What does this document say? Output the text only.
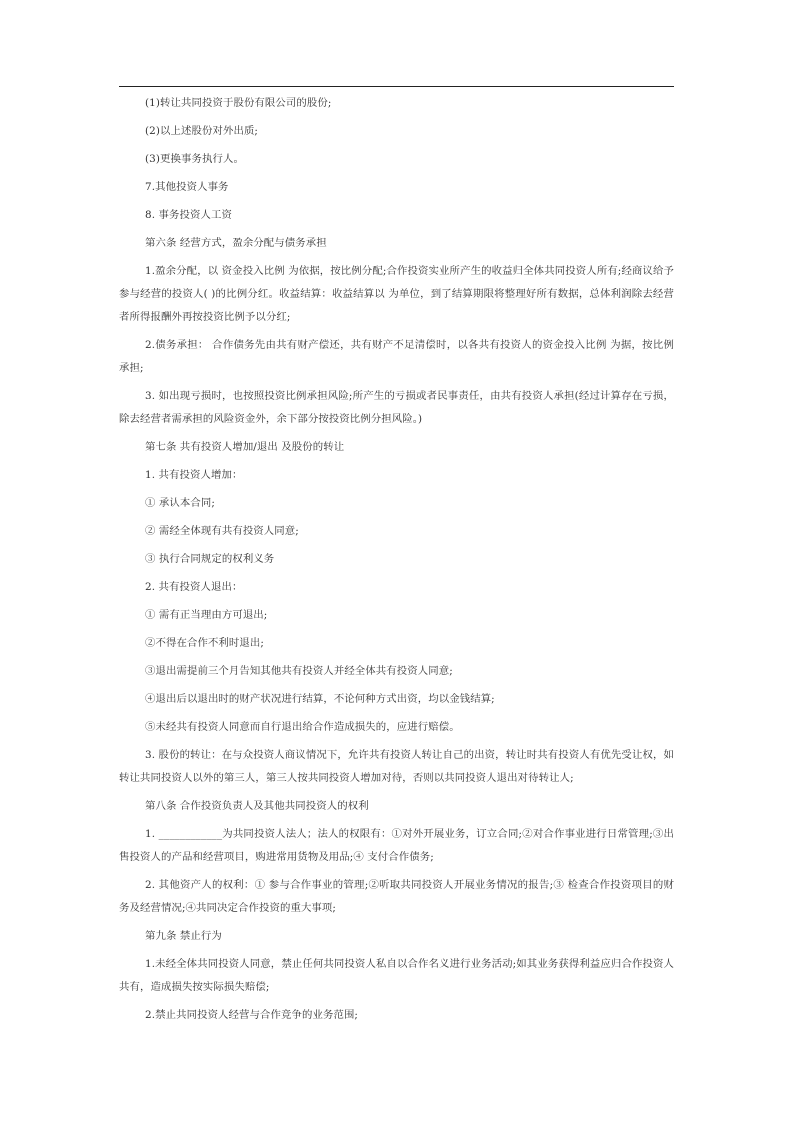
(1)转让共同投资于股份有限公司的股份;

(2)以上述股份对外出质;

(3)更换事务执行人。

7.其他投资人事务

8. 事务投资人工资

第六条 经营方式，盈余分配与债务承担

1.盈余分配，以 资金投入比例 为依据，按比例分配;合作投资实业所产生的收益归全体共同投资人所有;经商议给予参与经营的投资人( )的比例分红。收益结算：收益结算以 为单位，到了结算期限将整理好所有数据，总体利润除去经营者所得报酬外再按投资比例予以分红;

2.债务承担： 合作债务先由共有财产偿还，共有财产不足清偿时，以各共有投资人的资金投入比例 为据，按比例承担;

3. 如出现亏损时，也按照投资比例承担风险;所产生的亏损或者民事责任，由共有投资人承担(经过计算存在亏损，除去经营者需承担的风险资金外，余下部分按投资比例分担风险。)

第七条 共有投资人增加/退出 及股份的转让

1. 共有投资人增加：

① 承认本合同;

② 需经全体现有共有投资人同意;

③ 执行合同规定的权利义务

2. 共有投资人退出：

① 需有正当理由方可退出;

②不得在合作不利时退出;

③退出需提前三个月告知其他共有投资人并经全体共有投资人同意;

④退出后以退出时的财产状况进行结算，不论何种方式出资，均以金钱结算;

⑤未经共有投资人同意而自行退出给合作造成损失的，应进行赔偿。

3. 股份的转让：在与众投资人商议情况下，允许共有投资人转让自己的出资，转让时共有投资人有优先受让权，如转让共同投资人以外的第三人，第三人按共同投资人增加对待，否则以共同投资人退出对待转让人;

第八条 合作投资负责人及其他共同投资人的权利

1. ____________为共同投资人法人；法人的权限有：①对外开展业务，订立合同;②对合作事业进行日常管理;③出售投资人的产品和经营项目，购进常用货物及用品;④ 支付合作债务;

2. 其他资产人的权利：① 参与合作事业的管理;②听取共同投资人开展业务情况的报告;③ 检查合作投资项目的财务及经营情况;④共同决定合作投资的重大事项;

第九条 禁止行为

1.未经全体共同投资人同意，禁止任何共同投资人私自以合作名义进行业务活动;如其业务获得利益应归合作投资人共有，造成损失按实际损失赔偿;

2.禁止共同投资人经营与合作竞争的业务范围;
